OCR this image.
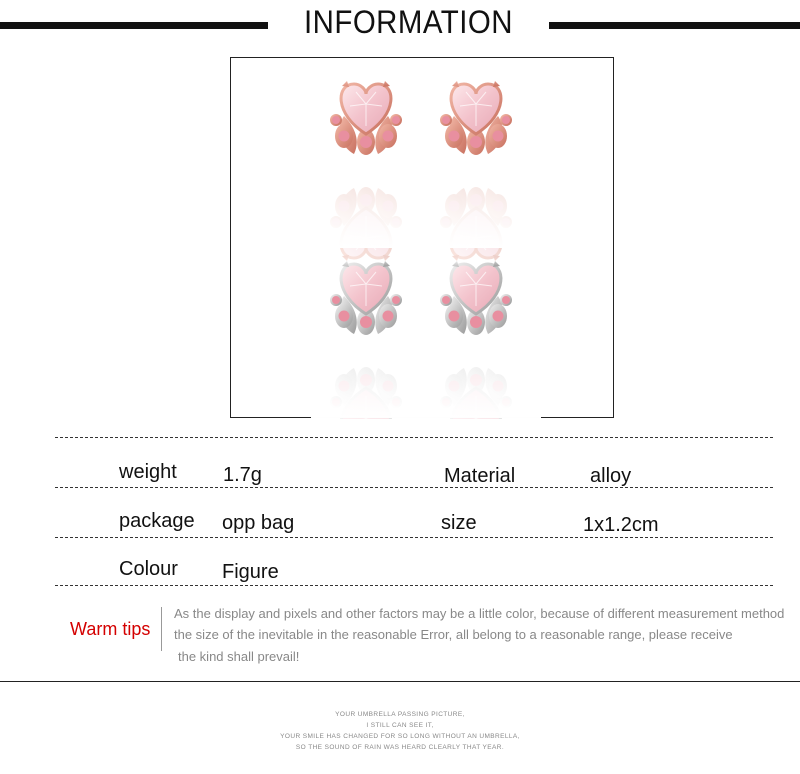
INFORMATION
weight 1.7g	Material	alloy
package opp bag	size	1x1.2cm
Colour Figure
Warm tips
As the display and pixels and other factors may be a little color, because of different measurement method
the size of the inevitable in the reasonable Error, all belong to a reasonable range, please receive
the kind shall prevail!
YOUR UMBRELLA PASSING PICTURE,
I STILL CAN SEE IT,
YOUR SMILE HAS CHANGED FOR SO LONG WITHOUT AN UMBRELLA,
SO THE SOUND OF RAIN WAS HEARD CLEARLY THAT YEAR.
